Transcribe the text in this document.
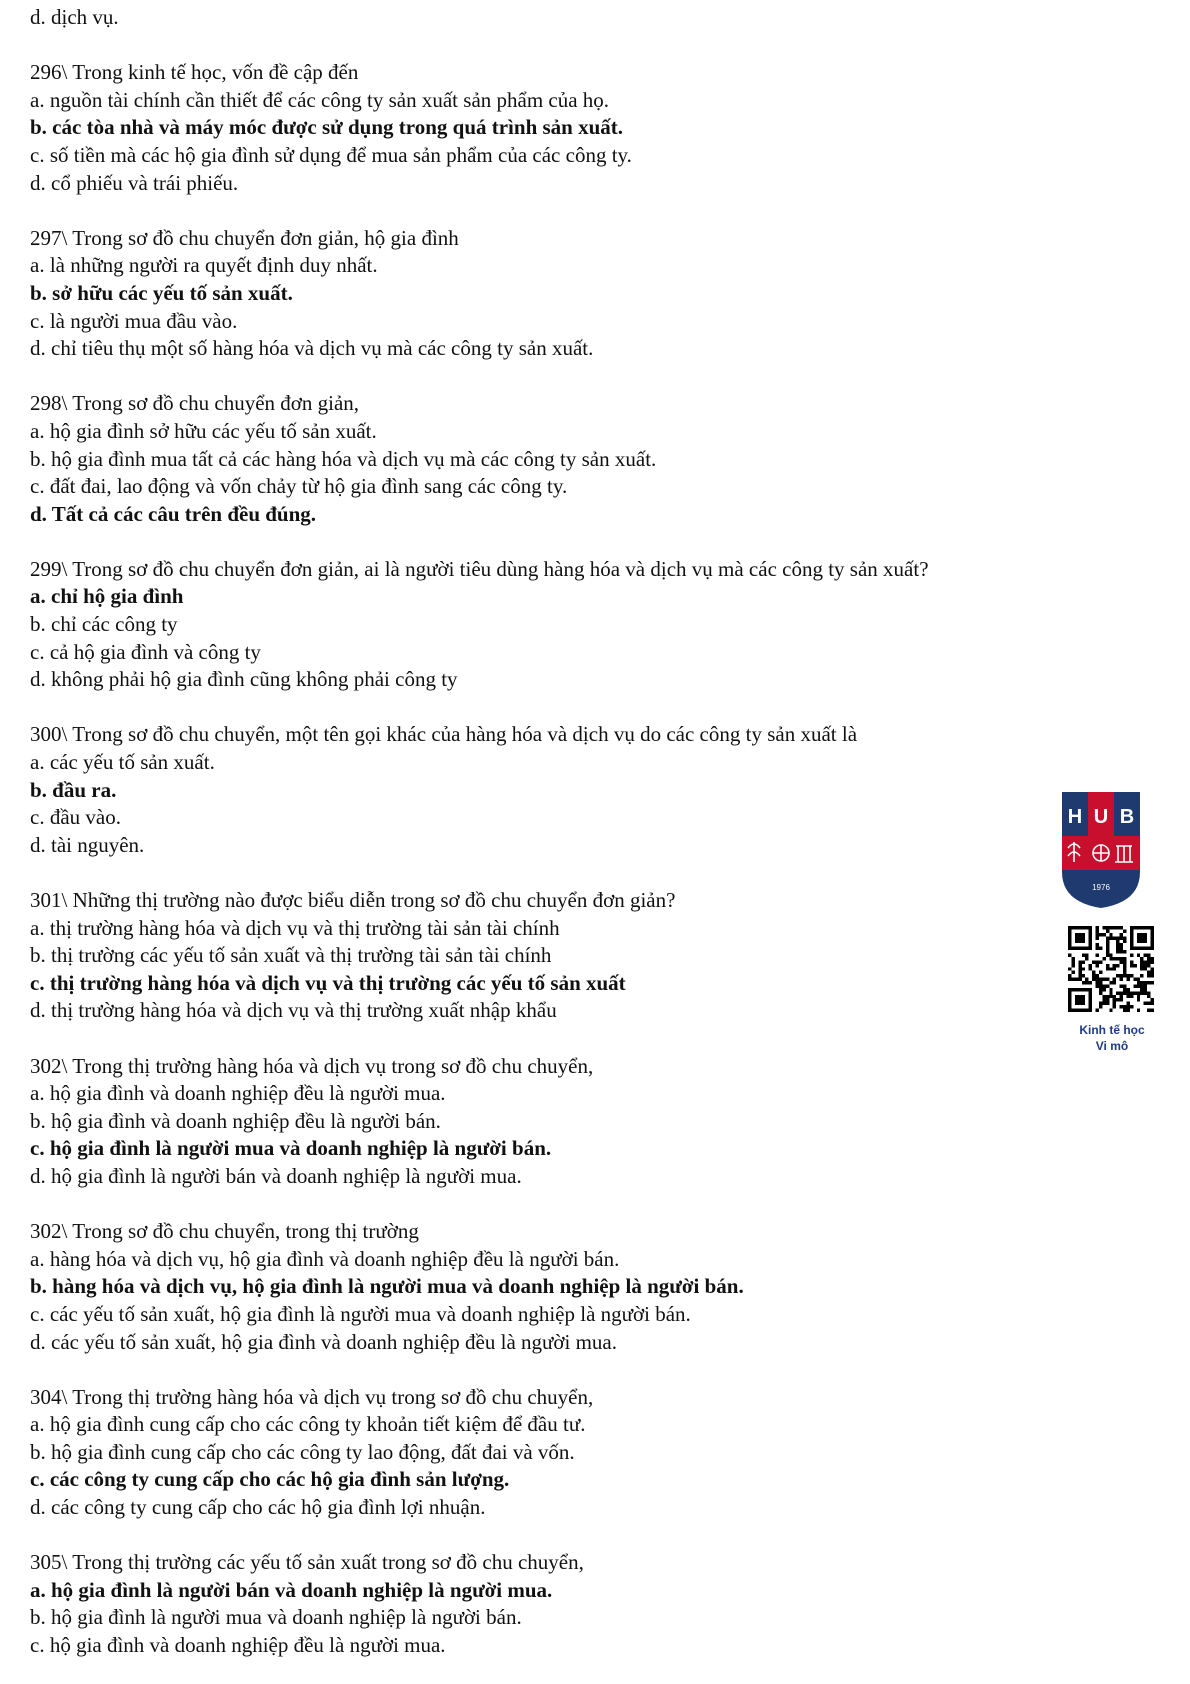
d. dịch vụ.
296\ Trong kinh tế học, vốn đề cập đến
a. nguồn tài chính cần thiết để các công ty sản xuất sản phẩm của họ.
b. các tòa nhà và máy móc được sử dụng trong quá trình sản xuất.
c. số tiền mà các hộ gia đình sử dụng để mua sản phẩm của các công ty.
d. cổ phiếu và trái phiếu.
297\ Trong sơ đồ chu chuyển đơn giản, hộ gia đình
a. là những người ra quyết định duy nhất.
b. sở hữu các yếu tố sản xuất.
c. là người mua đầu vào.
d. chỉ tiêu thụ một số hàng hóa và dịch vụ mà các công ty sản xuất.
298\ Trong sơ đồ chu chuyển đơn giản,
a. hộ gia đình sở hữu các yếu tố sản xuất.
b. hộ gia đình mua tất cả các hàng hóa và dịch vụ mà các công ty sản xuất.
c. đất đai, lao động và vốn chảy từ hộ gia đình sang các công ty.
d. Tất cả các câu trên đều đúng.
299\ Trong sơ đồ chu chuyển đơn giản, ai là người tiêu dùng hàng hóa và dịch vụ mà các công ty sản xuất?
a. chỉ hộ gia đình
b. chỉ các công ty
c. cả hộ gia đình và công ty
d. không phải hộ gia đình cũng không phải công ty
300\ Trong sơ đồ chu chuyển, một tên gọi khác của hàng hóa và dịch vụ do các công ty sản xuất là
a. các yếu tố sản xuất.
b. đầu ra.
c. đầu vào.
d. tài nguyên.
301\ Những thị trường nào được biểu diễn trong sơ đồ chu chuyển đơn giản?
a. thị trường hàng hóa và dịch vụ và thị trường tài sản tài chính
b. thị trường các yếu tố sản xuất và thị trường tài sản tài chính
c. thị trường hàng hóa và dịch vụ và thị trường các yếu tố sản xuất
d. thị trường hàng hóa và dịch vụ và thị trường xuất nhập khẩu
302\ Trong thị trường hàng hóa và dịch vụ trong sơ đồ chu chuyển,
a. hộ gia đình và doanh nghiệp đều là người mua.
b. hộ gia đình và doanh nghiệp đều là người bán.
c. hộ gia đình là người mua và doanh nghiệp là người bán.
d. hộ gia đình là người bán và doanh nghiệp là người mua.
302\ Trong sơ đồ chu chuyển, trong thị trường
a. hàng hóa và dịch vụ, hộ gia đình và doanh nghiệp đều là người bán.
b. hàng hóa và dịch vụ, hộ gia đình là người mua và doanh nghiệp là người bán.
c. các yếu tố sản xuất, hộ gia đình là người mua và doanh nghiệp là người bán.
d. các yếu tố sản xuất, hộ gia đình và doanh nghiệp đều là người mua.
304\ Trong thị trường hàng hóa và dịch vụ trong sơ đồ chu chuyển,
a. hộ gia đình cung cấp cho các công ty khoản tiết kiệm để đầu tư.
b. hộ gia đình cung cấp cho các công ty lao động, đất đai và vốn.
c. các công ty cung cấp cho các hộ gia đình sản lượng.
d. các công ty cung cấp cho các hộ gia đình lợi nhuận.
305\ Trong thị trường các yếu tố sản xuất trong sơ đồ chu chuyển,
a. hộ gia đình là người bán và doanh nghiệp là người mua.
b. hộ gia đình là người mua và doanh nghiệp là người bán.
c. hộ gia đình và doanh nghiệp đều là người mua.
H U B
1976
Kinh tế học
Vi mô
